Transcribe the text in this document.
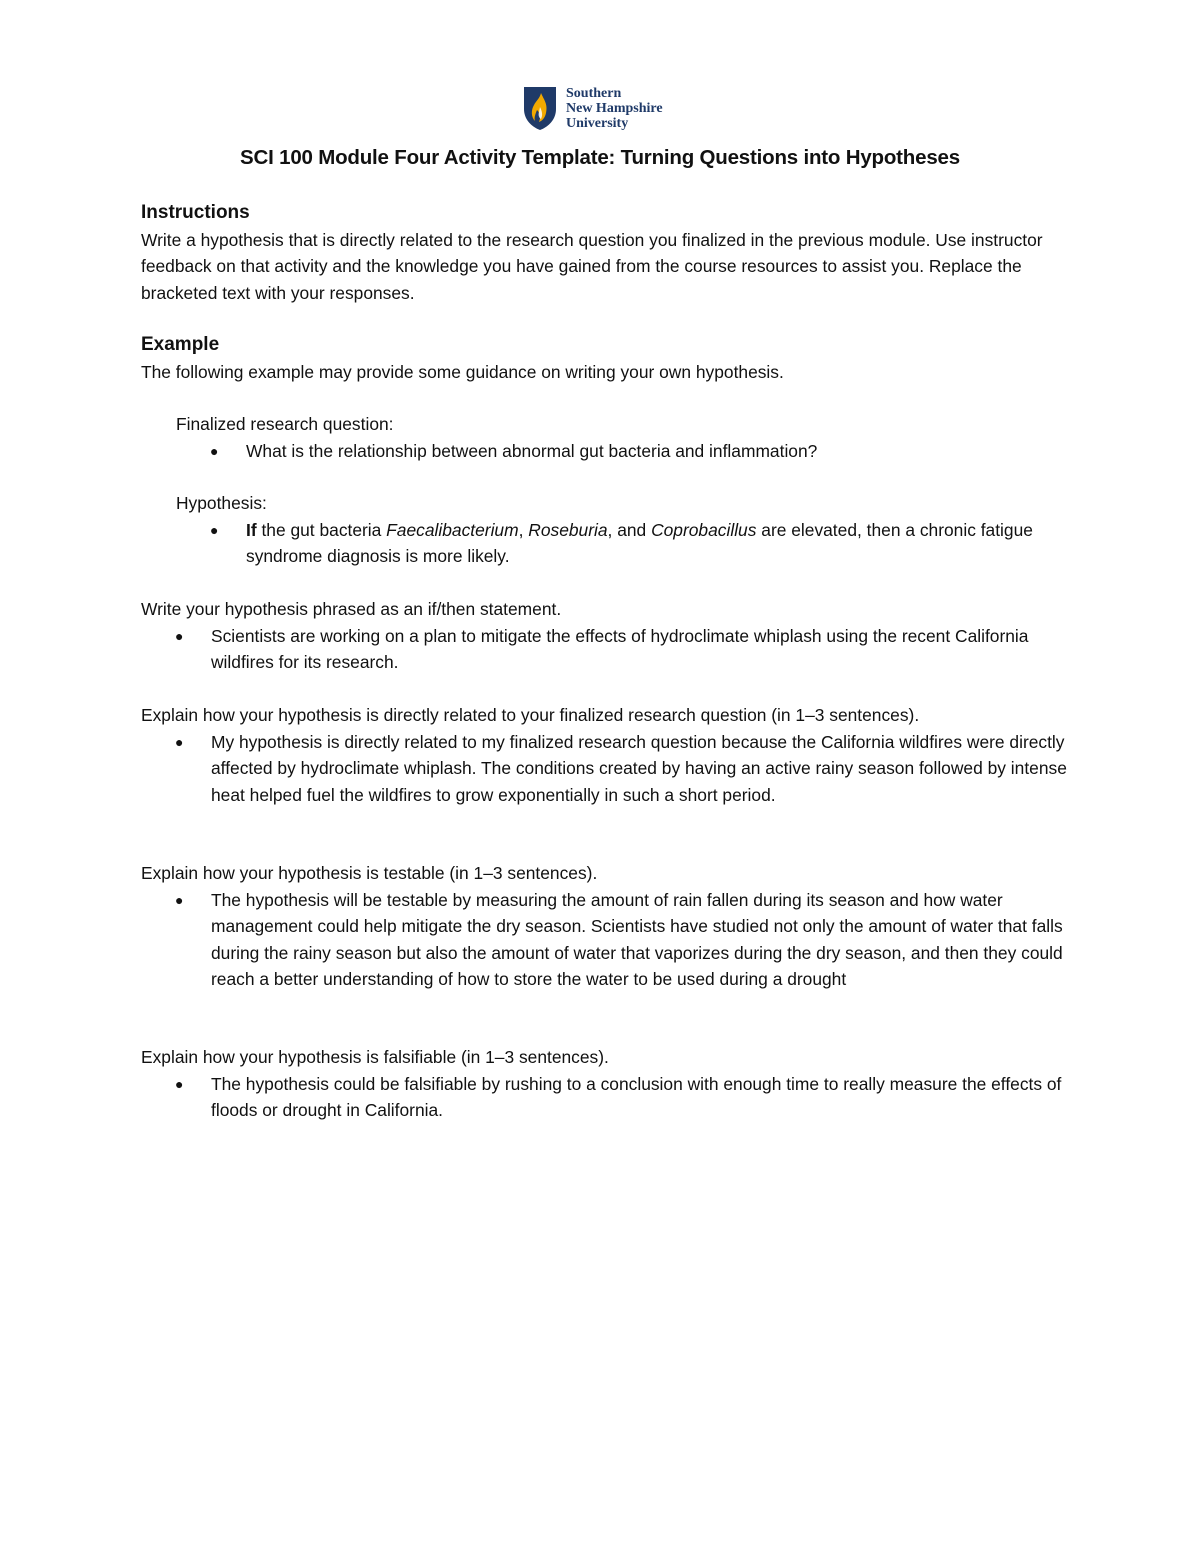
Southern
New Hampshire
University
SCI 100 Module Four Activity Template: Turning Questions into Hypotheses

Instructions

Write a hypothesis that is directly related to the research question you finalized in the previous module. Use instructor feedback on that activity and the knowledge you have gained from the course resources to assist you. Replace the bracketed text with your responses.

Example

The following example may provide some guidance on writing your own hypothesis.

Finalized research question:

● What is the relationship between abnormal gut bacteria and inflammation?

Hypothesis:

● If the gut bacteria Faecalibacterium, Roseburia, and Coprobacillus are elevated, then a chronic fatigue syndrome diagnosis is more likely.

Write your hypothesis phrased as an if/then statement.

● Scientists are working on a plan to mitigate the effects of hydroclimate whiplash using the recent California wildfires for its research.

Explain how your hypothesis is directly related to your finalized research question (in 1–3 sentences).

● My hypothesis is directly related to my finalized research question because the California wildfires were directly affected by hydroclimate whiplash. The conditions created by having an active rainy season followed by intense heat helped fuel the wildfires to grow exponentially in such a short period.

Explain how your hypothesis is testable (in 1–3 sentences).

● The hypothesis will be testable by measuring the amount of rain fallen during its season and how water management could help mitigate the dry season. Scientists have studied not only the amount of water that falls during the rainy season but also the amount of water that vaporizes during the dry season, and then they could reach a better understanding of how to store the water to be used during a drought

Explain how your hypothesis is falsifiable (in 1–3 sentences).

● The hypothesis could be falsifiable by rushing to a conclusion with enough time to really measure the effects of floods or drought in California.
